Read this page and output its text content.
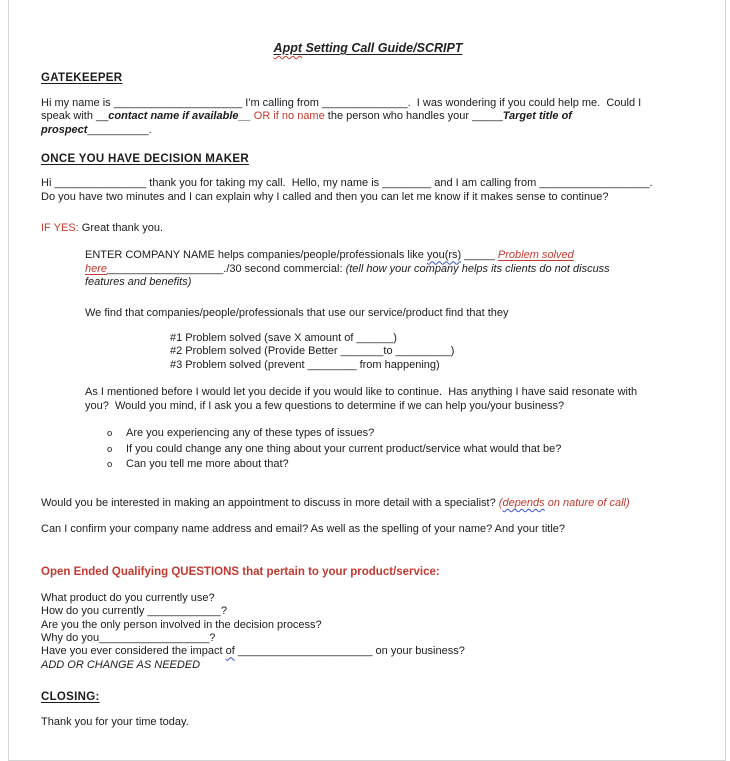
Appt Setting Call Guide/SCRIPT
GATEKEEPER

Hi my name is _____________________ I'm calling from ______________.  I was wondering if you could help me.  Could I

speak with __contact name if available__ OR if no name the person who handles your _____Target title of

prospect__________.

ONCE YOU HAVE DECISION MAKER

Hi _______________ thank you for taking my call.  Hello, my name is ________ and I am calling from __________________.

Do you have two minutes and I can explain why I called and then you can let me know if it makes sense to continue?

IF YES: Great thank you.

ENTER COMPANY NAME helps companies/people/professionals like you(rs) _____ Problem solved

here___________________./30 second commercial: (tell how your company helps its clients do not discuss

features and benefits)

We find that companies/people/professionals that use our service/product find that they

#1 Problem solved (save X amount of ______)

#2 Problem solved (Provide Better _______to _________)

#3 Problem solved (prevent ________ from happening)

As I mentioned before I would let you decide if you would like to continue.  Has anything I have said resonate with

you?  Would you mind, if I ask you a few questions to determine if we can help you/your business?

o	Are you experiencing any of these types of issues?
o	If you could change any one thing about your current product/service what would that be?
o	Can you tell me more about that?

Would you be interested in making an appointment to discuss in more detail with a specialist? (depends on nature of call)

Can I confirm your company name address and email? As well as the spelling of your name? And your title?

Open Ended Qualifying QUESTIONS that pertain to your product/service:

What product do you currently use?

How do you currently ____________?

Are you the only person involved in the decision process?

Why do you__________________?

Have you ever considered the impact of ______________________ on your business?

ADD OR CHANGE AS NEEDED

CLOSING:

Thank you for your time today.
